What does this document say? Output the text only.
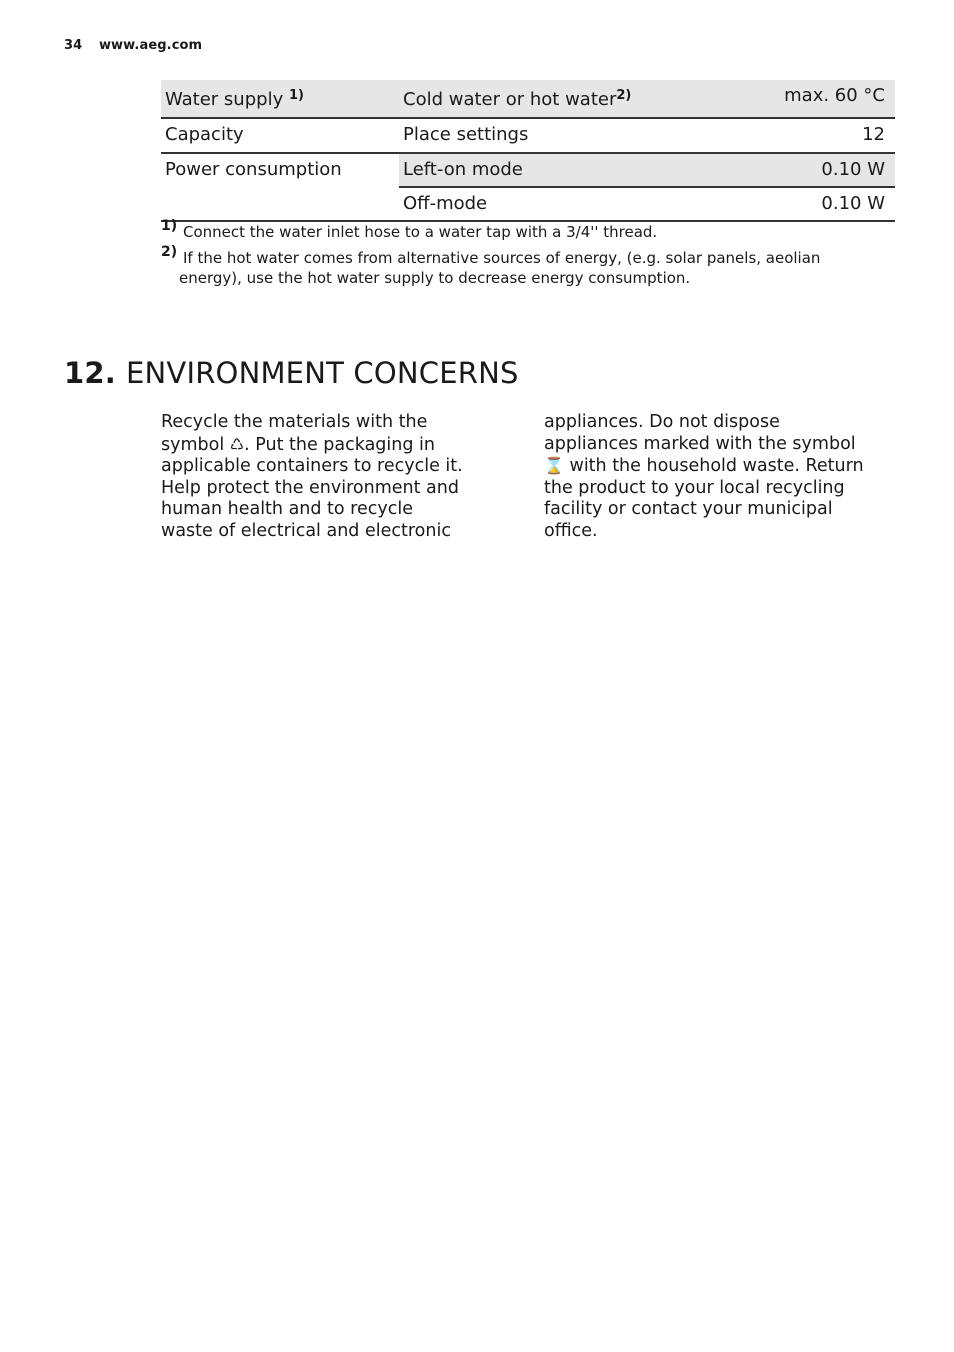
34 www.aeg.com
Water supply $^{1)}$	Cold water or hot water$^{2)}$	max. 60 °C
Capacity	Place settings	12
Power consumption	Left-on mode	0.10 W
	Off-mode	0.10 W
1) Connect the water inlet hose to a water tap with a 3/4'' thread.
2) If the hot water comes from alternative sources of energy, (e.g. solar panels, aeolian
energy), use the hot water supply to decrease energy consumption.
12. ENVIRONMENT CONCERNS
Recycle the materials with the symbol ♺. Put the packaging in applicable containers to recycle it. Help protect the environment and human health and to recycle waste of electrical and electronic
appliances. Do not dispose appliances marked with the symbol ⌛ with the household waste. Return the product to your local recycling facility or contact your municipal office.
